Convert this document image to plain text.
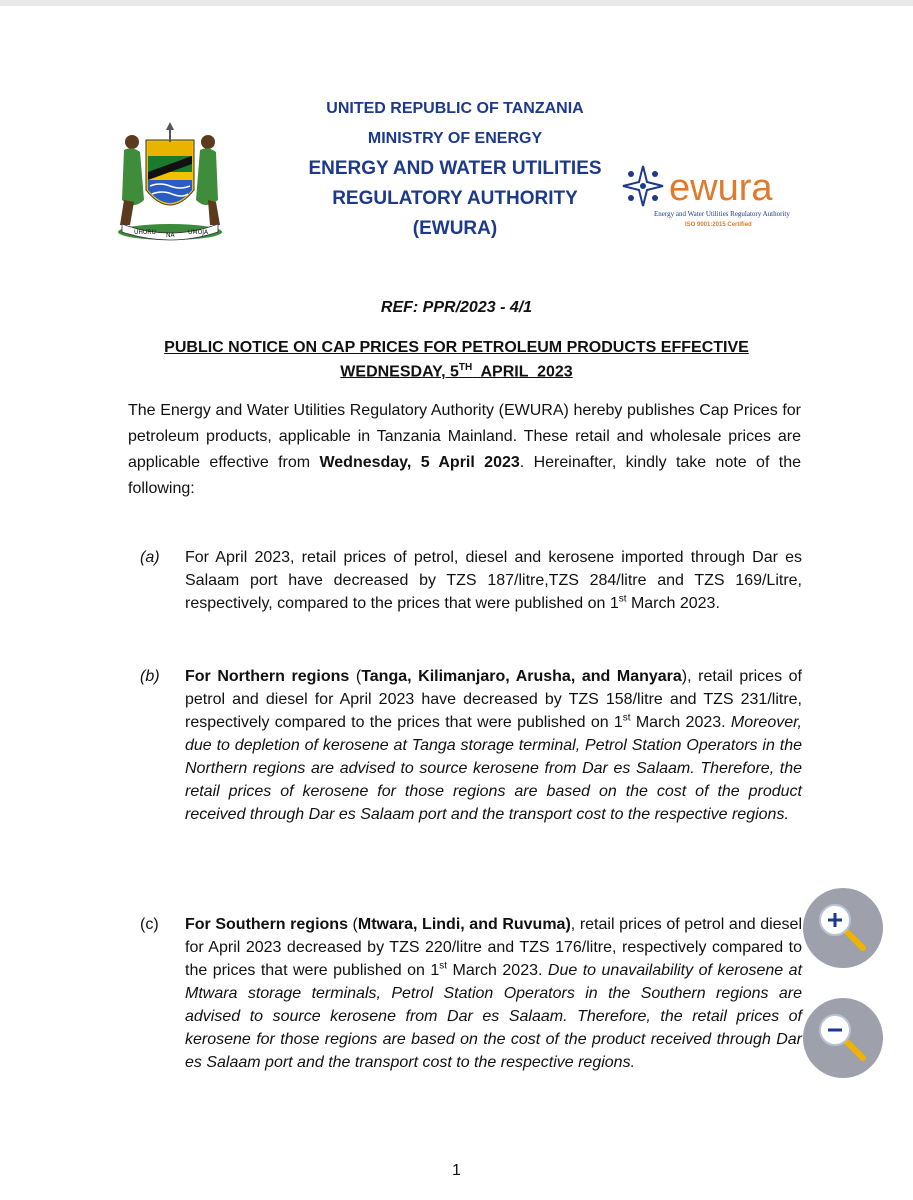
UHURU NA UMOJA
UNITED REPUBLIC OF TANZANIA
MINISTRY OF ENERGY
ENERGY AND WATER UTILITIES
REGULATORY AUTHORITY
(EWURA)
ewura
Energy and Water Utilities Regulatory Authority
ISO 9001:2015 Certified
REF: PPR/2023 - 4/1
PUBLIC NOTICE ON CAP PRICES FOR PETROLEUM PRODUCTS EFFECTIVE
WEDNESDAY, 5TH  APRIL  2023

The Energy and Water Utilities Regulatory Authority (EWURA) hereby publishes Cap Prices for petroleum products, applicable in Tanzania Mainland. These retail and wholesale prices are applicable effective from Wednesday, 5 April 2023. Hereinafter, kindly take note of the following:

(a)	For April 2023, retail prices of petrol, diesel and kerosene imported through Dar es Salaam port have decreased by TZS 187/litre,TZS 284/litre and TZS 169/Litre, respectively, compared to the prices that were published on 1st March 2023.
(b)	For Northern regions (Tanga, Kilimanjaro, Arusha, and Manyara), retail prices of petrol and diesel for April 2023 have decreased by TZS 158/litre and TZS 231/litre, respectively compared to the prices that were published on 1st March 2023. Moreover, due to depletion of kerosene at Tanga storage terminal, Petrol Station Operators in the Northern regions are advised to source kerosene from Dar es Salaam. Therefore, the retail prices of kerosene for those regions are based on the cost of the product received through Dar es Salaam port and the transport cost to the respective regions.
(c)	For Southern regions (Mtwara, Lindi, and Ruvuma), retail prices of petrol and diesel for April 2023 decreased by TZS 220/litre and TZS 176/litre, respectively compared to the prices that were published on 1st March 2023. Due to unavailability of kerosene at Mtwara storage terminals, Petrol Station Operators in the Southern regions are advised to source kerosene from Dar es Salaam. Therefore, the retail prices of kerosene for those regions are based on the cost of the product received through Dar es Salaam port and the transport cost to the respective regions.
1
